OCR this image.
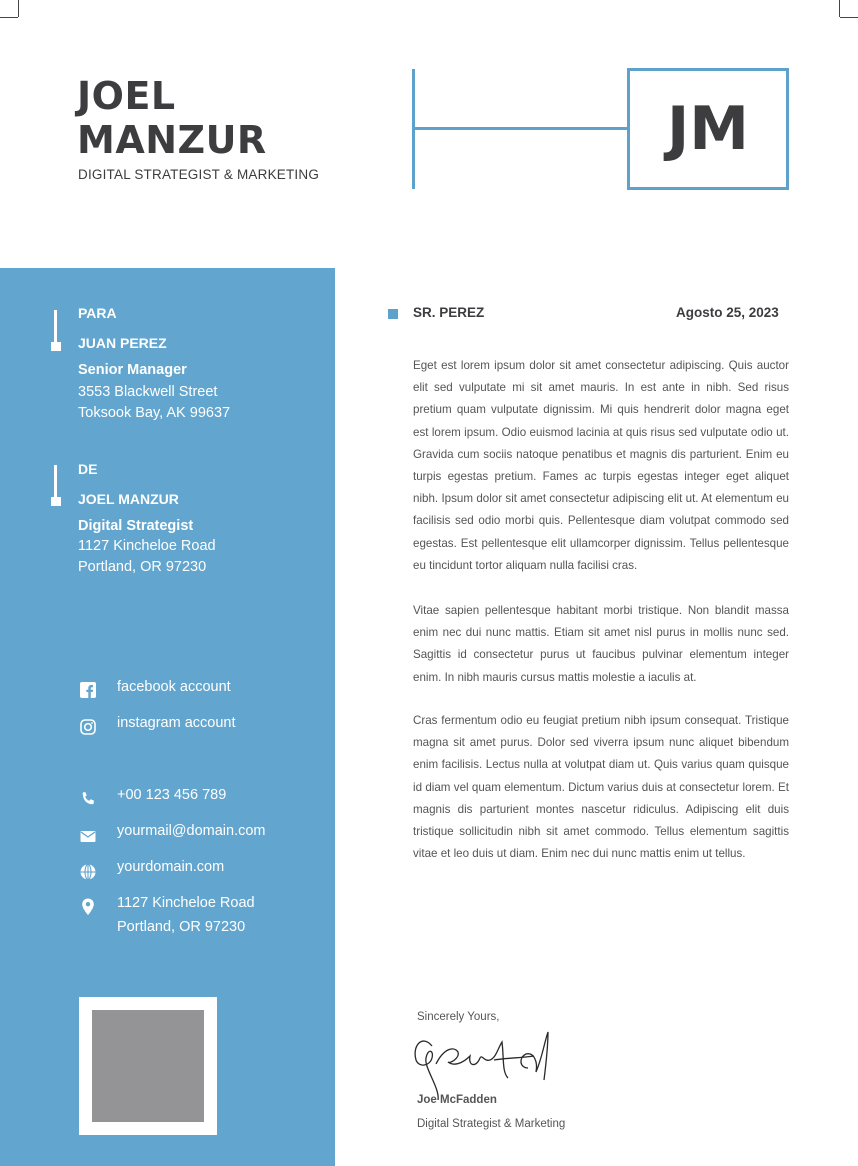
JOEL
MANZUR
DIGITAL STRATEGIST & MARKETING
JM
PARA
JUAN PEREZ
Senior Manager
3553 Blackwell Street
Toksook Bay, AK 99637
DE
JOEL MANZUR
Digital Strategist
1127 Kincheloe Road
Portland, OR 97230
facebook account
instagram account
+00 123 456 789
yourmail@domain.com
yourdomain.com
1127 Kincheloe Road
Portland, OR 97230
SR. PEREZ	Agosto 25, 2023
Eget est lorem ipsum dolor sit amet consectetur adipiscing. Quis auctor elit sed vulputate mi sit amet mauris. In est ante in nibh. Sed risus pretium quam vulputate dignissim. Mi quis hendrerit dolor magna eget est lorem ipsum. Odio euismod lacinia at quis risus sed vulputate odio ut. Gravida cum sociis natoque penatibus et magnis dis parturient. Enim eu turpis egestas pretium. Fames ac turpis egestas integer eget aliquet nibh. Ipsum dolor sit amet consectetur adipiscing elit ut. At elementum eu facilisis sed odio morbi quis. Pellentesque diam volutpat commodo sed egestas. Est pellentesque elit ullamcorper dignissim. Tellus pellentesque eu tincidunt tortor aliquam nulla facilisi cras.
Vitae sapien pellentesque habitant morbi tristique. Non blandit massa enim nec dui nunc mattis. Etiam sit amet nisl purus in mollis nunc sed. Sagittis id consectetur purus ut faucibus pulvinar elementum integer enim. In nibh mauris cursus mattis molestie a iaculis at.
Cras fermentum odio eu feugiat pretium nibh ipsum consequat. Tristique magna sit amet purus. Dolor sed viverra ipsum nunc aliquet bibendum enim facilisis. Lectus nulla at volutpat diam ut. Quis varius quam quisque id diam vel quam elementum. Dictum varius duis at consectetur lorem. Et magnis dis parturient montes nascetur ridiculus. Adipiscing elit duis tristique sollicitudin nibh sit amet commodo. Tellus elementum sagittis vitae et leo duis ut diam. Enim nec dui nunc mattis enim ut tellus.
Sincerely Yours,
Joe McFadden
Digital Strategist & Marketing
